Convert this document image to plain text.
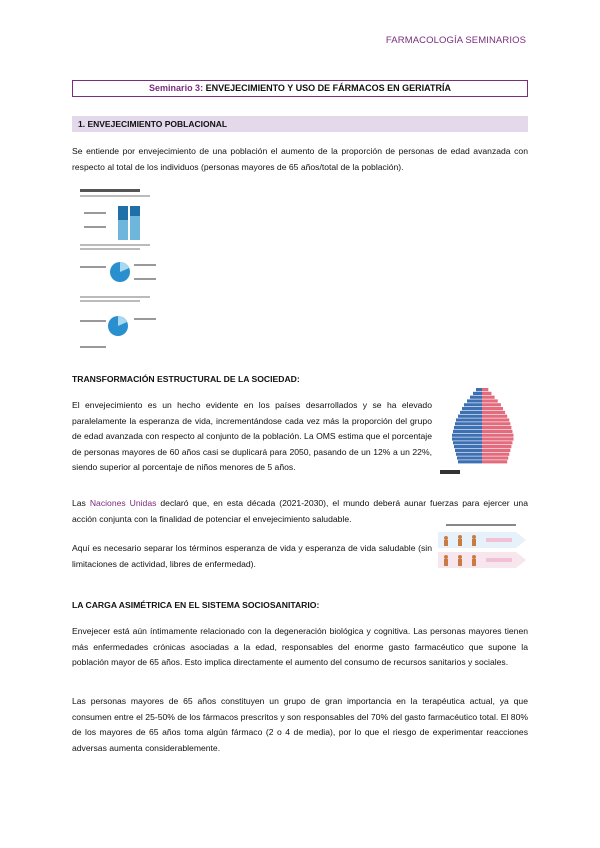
FARMACOLOGÍA SEMINARIOS
Seminario 3: ENVEJECIMIENTO Y USO DE FÁRMACOS EN GERIATRÍA
1. ENVEJECIMIENTO POBLACIONAL
Se entiende por envejecimiento de una población el aumento de la proporción de personas de edad avanzada con respecto al total de los individuos (personas mayores de 65 años/total de la población).
TRANSFORMACIÓN ESTRUCTURAL DE LA SOCIEDAD:
El envejecimiento es un hecho evidente en los países desarrollados y se ha elevado paralelamente la esperanza de vida, incrementándose cada vez más la proporción del grupo de edad avanzada con respecto al conjunto de la población. La OMS estima que el porcentaje de personas mayores de 60 años casi se duplicará para 2050, pasando de un 12% a un 22%, siendo superior al porcentaje de niños menores de 5 años.
Las Naciones Unidas declaró que, en esta década (2021-2030), el mundo deberá aunar fuerzas para ejercer una acción conjunta con la finalidad de potenciar el envejecimiento saludable.
Aquí es necesario separar los términos esperanza de vida y esperanza de vida saludable (sin limitaciones de actividad, libres de enfermedad).
LA CARGA ASIMÉTRICA EN EL SISTEMA SOCIOSANITARIO:
Envejecer está aún íntimamente relacionado con la degeneración biológica y cognitiva. Las personas mayores tienen más enfermedades crónicas asociadas a la edad, responsables del enorme gasto farmacéutico que supone la población mayor de 65 años. Esto implica directamente el aumento del consumo de recursos sanitarios y sociales.
Las personas mayores de 65 años constituyen un grupo de gran importancia en la terapéutica actual, ya que consumen entre el 25-50% de los fármacos prescritos y son responsables del 70% del gasto farmacéutico total. El 80% de los mayores de 65 años toma algún fármaco (2 o 4 de media), por lo que el riesgo de experimentar reacciones adversas aumenta considerablemente.
